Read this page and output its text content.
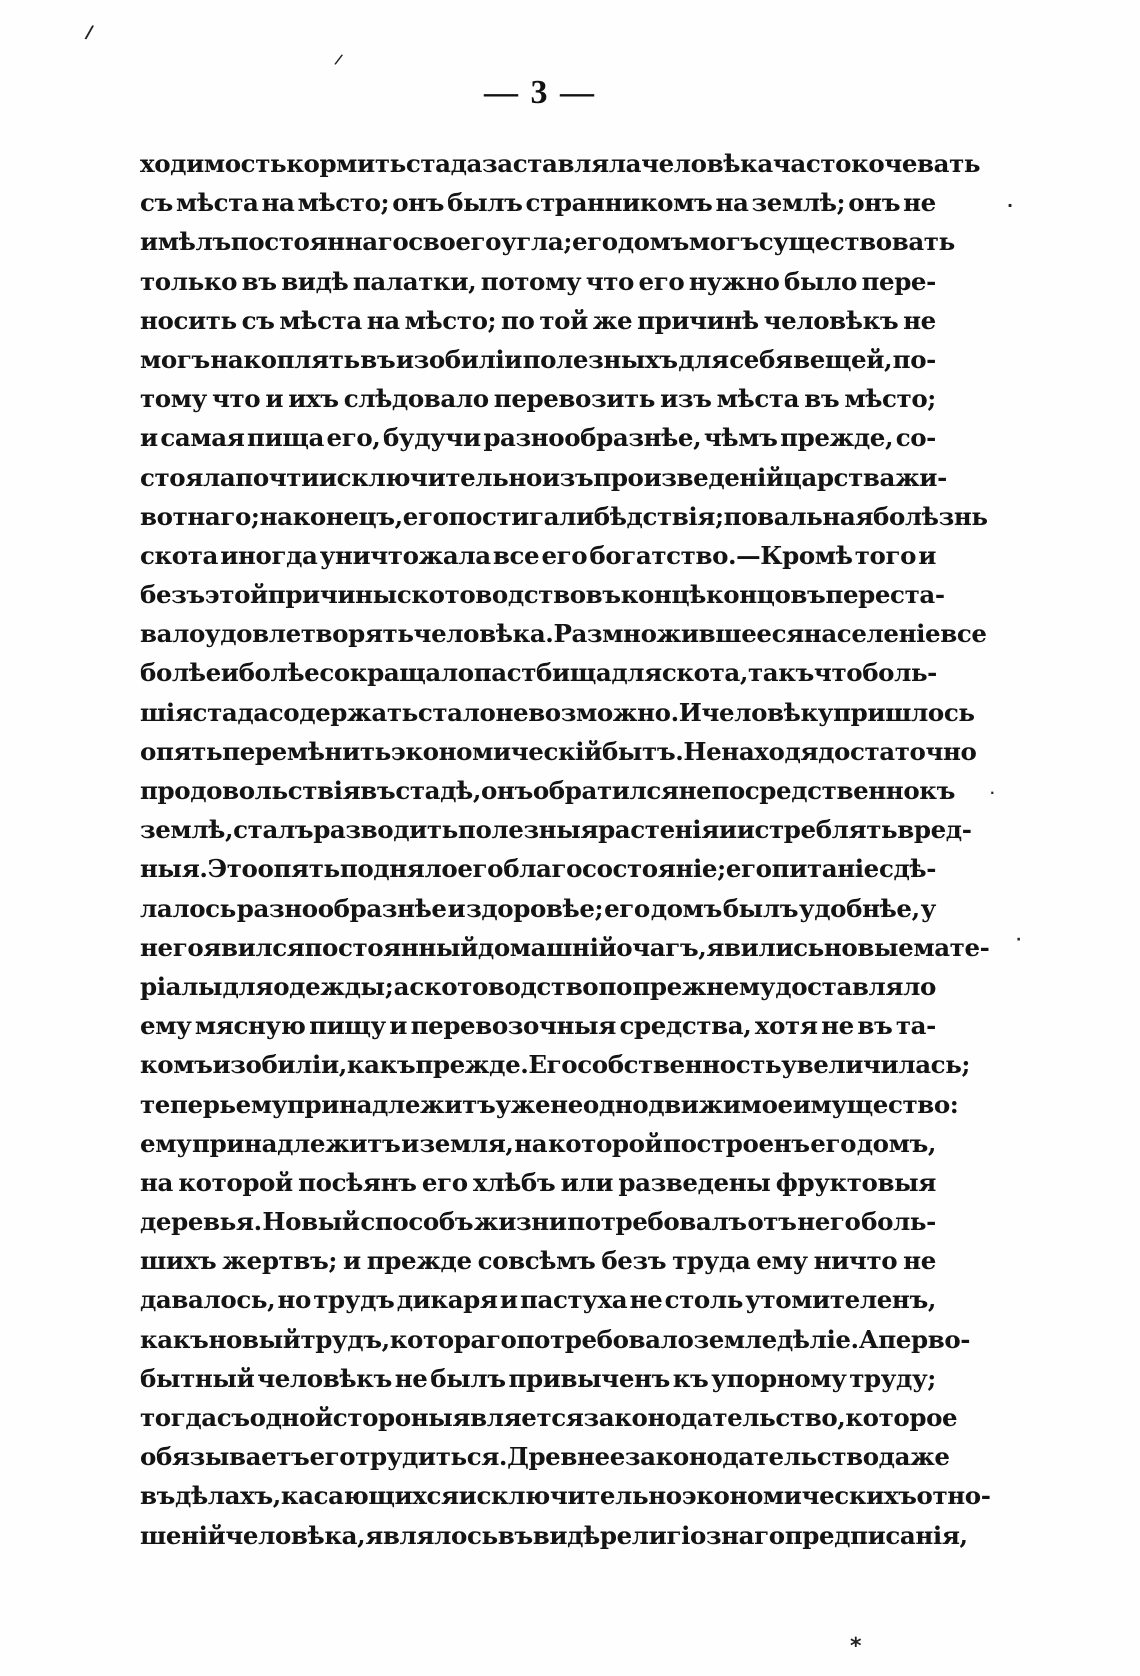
/
/
·
·
·
*
— 3 —
ходимость кормить стада заставляла человѣка часто кочевать
съ мѣста на мѣсто; онъ былъ странникомъ на землѣ; онъ не
имѣлъ постояннаго своего угла; его домъ могъ существовать
только въ видѣ палатки, потому что его нужно было пере-
носить съ мѣста на мѣсто; по той же причинѣ человѣкъ не
могъ накоплять въ изобиліи полезныхъ для себя вещей, по-
тому что и ихъ слѣдовало перевозить изъ мѣста въ мѣсто;
и самая пища его, будучи разнообразнѣе, чѣмъ прежде, со-
стояла почти исключительно изъ произведеній царства жи-
вотнаго; наконецъ, его постигали бѣдствія; повальная болѣзнь
скота иногда уничтожала все его богатство.—Кромѣ того и
безъ этой причины скотоводство въ концѣ концовъ переста-
вало удовлетворять человѣка. Размножившееся населеніе все
болѣе и болѣе сокращало пастбища для скота, такъ что боль-
шія стада содержать стало невозможно. И человѣку пришлось
опять перемѣнить экономическій бытъ. Не находя достаточно
продовольствія въ стадѣ, онъ обратился непосредственно къ
землѣ, сталъ разводить полезныя растенія и истреблять вред-
ныя. Это опять подняло его благосостояніе; его питаніе сдѣ-
лалось разнообразнѣе и здоровѣе; его домъ былъ удобнѣе, у
него явился постоянный домашній очагъ, явились новые мате-
ріалы для одежды; а скотоводство по прежнему доставляло
ему мясную пищу и перевозочныя средства, хотя не въ та-
комъ изобиліи, какъ прежде. Его собственность увеличилась;
теперь ему принадлежитъ уже не одно движимое имущество:
ему принадлежитъ и земля, на которой построенъ его домъ,
на которой посѣянъ его хлѣбъ или разведены фруктовыя
деревья. Новый способъ жизни потребовалъ отъ него боль-
шихъ жертвъ; и прежде совсѣмъ безъ труда ему ничто не
давалось, но трудъ дикаря и пастуха не столь утомителенъ,
какъ новый трудъ, котораго потребовало земледѣліе. А перво-
бытный человѣкъ не былъ привыченъ къ упорному труду;
тогда съ одной стороны является законодательство, которое
обязываетъ его трудиться. Древнее законодательство даже
въ дѣлахъ, касающихся исключительно экономическихъ отно-
шеній человѣка, являлось въ видѣ религіознаго предписанія,
